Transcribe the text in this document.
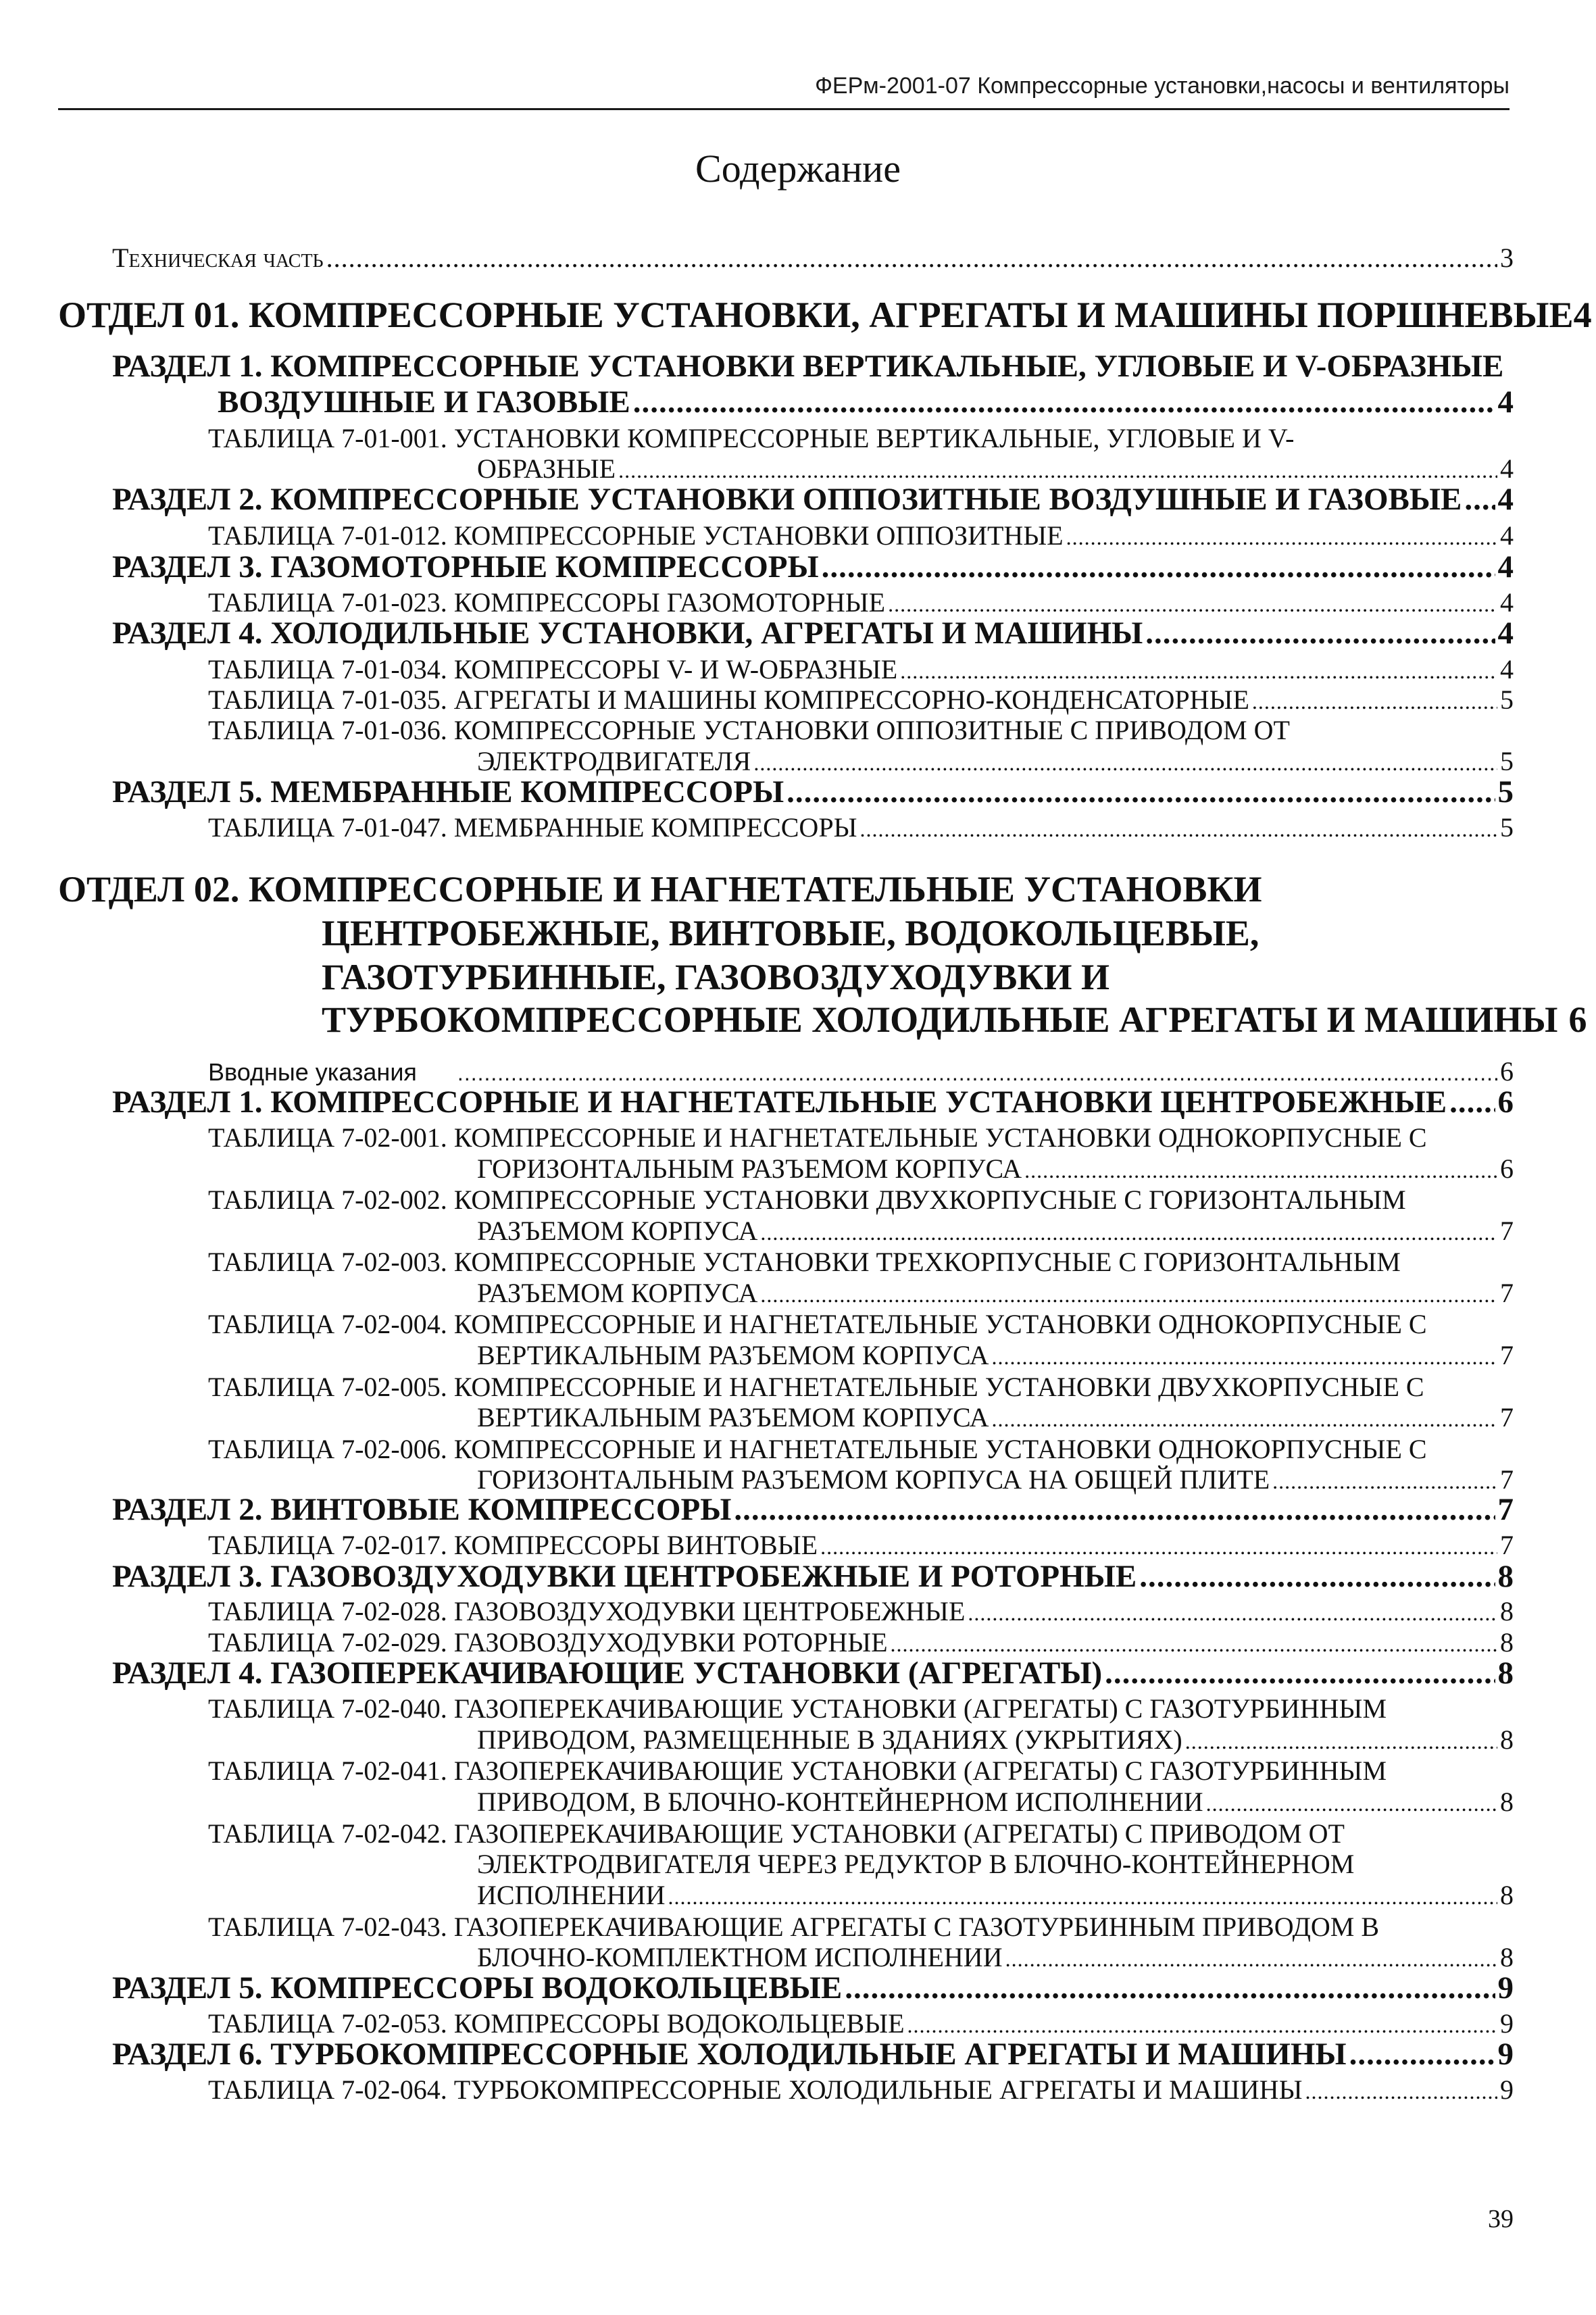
ФЕРм-2001-07 Компрессорные установки,насосы и вентиляторы
Содержание
Техническая часть .....	3
ОТДЕЛ 01. КОМПРЕССОРНЫЕ УСТАНОВКИ, АГРЕГАТЫ И МАШИНЫ ПОРШНЕВЫЕ 4
РАЗДЕЛ 1. КОМПРЕССОРНЫЕ УСТАНОВКИ ВЕРТИКАЛЬНЫЕ, УГЛОВЫЕ И V-ОБРАЗНЫЕ
ВОЗДУШНЫЕ И ГАЗОВЫЕ .....	4
ТАБЛИЦА 7-01-001. УСТАНОВКИ КОМПРЕССОРНЫЕ ВЕРТИКАЛЬНЫЕ, УГЛОВЫЕ И V-
ОБРАЗНЫЕ .....	4
РАЗДЕЛ 2. КОМПРЕССОРНЫЕ УСТАНОВКИ ОППОЗИТНЫЕ ВОЗДУШНЫЕ И ГАЗОВЫЕ ..... 4
ТАБЛИЦА 7-01-012. КОМПРЕССОРНЫЕ УСТАНОВКИ ОППОЗИТНЫЕ .....	4
РАЗДЕЛ 3. ГАЗОМОТОРНЫЕ КОМПРЕССОРЫ .....	4
ТАБЛИЦА 7-01-023. КОМПРЕССОРЫ ГАЗОМОТОРНЫЕ .....	4
РАЗДЕЛ 4. ХОЛОДИЛЬНЫЕ УСТАНОВКИ, АГРЕГАТЫ И МАШИНЫ .....	4
ТАБЛИЦА 7-01-034. КОМПРЕССОРЫ V- И W-ОБРАЗНЫЕ .....	4
ТАБЛИЦА 7-01-035. АГРЕГАТЫ И МАШИНЫ КОМПРЕССОРНО-КОНДЕНСАТОРНЫЕ .....	5
ТАБЛИЦА 7-01-036. КОМПРЕССОРНЫЕ УСТАНОВКИ ОППОЗИТНЫЕ С ПРИВОДОМ ОТ
ЭЛЕКТРОДВИГАТЕЛЯ .....	5
РАЗДЕЛ 5. МЕМБРАННЫЕ КОМПРЕССОРЫ .....	5
ТАБЛИЦА 7-01-047. МЕМБРАННЫЕ КОМПРЕССОРЫ .....	5
ОТДЕЛ 02. КОМПРЕССОРНЫЕ И НАГНЕТАТЕЛЬНЫЕ УСТАНОВКИ
ЦЕНТРОБЕЖНЫЕ, ВИНТОВЫЕ, ВОДОКОЛЬЦЕВЫЕ,
ГАЗОТУРБИННЫЕ, ГАЗОВОЗДУХОДУВКИ И
ТУРБОКОМПРЕССОРНЫЕ ХОЛОДИЛЬНЫЕ АГРЕГАТЫ И МАШИНЫ 6
Вводные указания .....	6
РАЗДЕЛ 1. КОМПРЕССОРНЫЕ И НАГНЕТАТЕЛЬНЫЕ УСТАНОВКИ ЦЕНТРОБЕЖНЫЕ ..... 6
ТАБЛИЦА 7-02-001. КОМПРЕССОРНЫЕ И НАГНЕТАТЕЛЬНЫЕ УСТАНОВКИ ОДНОКОРПУСНЫЕ С
ГОРИЗОНТАЛЬНЫМ РАЗЪЕМОМ КОРПУСА .....	6
ТАБЛИЦА 7-02-002. КОМПРЕССОРНЫЕ УСТАНОВКИ ДВУХКОРПУСНЫЕ С ГОРИЗОНТАЛЬНЫМ
РАЗЪЕМОМ КОРПУСА .....	7
ТАБЛИЦА 7-02-003. КОМПРЕССОРНЫЕ УСТАНОВКИ ТРЕХКОРПУСНЫЕ С ГОРИЗОНТАЛЬНЫМ
РАЗЪЕМОМ КОРПУСА .....	7
ТАБЛИЦА 7-02-004. КОМПРЕССОРНЫЕ И НАГНЕТАТЕЛЬНЫЕ УСТАНОВКИ ОДНОКОРПУСНЫЕ С
ВЕРТИКАЛЬНЫМ РАЗЪЕМОМ КОРПУСА .....	7
ТАБЛИЦА 7-02-005. КОМПРЕССОРНЫЕ И НАГНЕТАТЕЛЬНЫЕ УСТАНОВКИ ДВУХКОРПУСНЫЕ С
ВЕРТИКАЛЬНЫМ РАЗЪЕМОМ КОРПУСА .....	7
ТАБЛИЦА 7-02-006. КОМПРЕССОРНЫЕ И НАГНЕТАТЕЛЬНЫЕ УСТАНОВКИ ОДНОКОРПУСНЫЕ С
ГОРИЗОНТАЛЬНЫМ РАЗЪЕМОМ КОРПУСА НА ОБЩЕЙ ПЛИТЕ .....	7
РАЗДЕЛ 2. ВИНТОВЫЕ КОМПРЕССОРЫ .....	7
ТАБЛИЦА 7-02-017. КОМПРЕССОРЫ ВИНТОВЫЕ .....	7
РАЗДЕЛ 3. ГАЗОВОЗДУХОДУВКИ ЦЕНТРОБЕЖНЫЕ И РОТОРНЫЕ .....	8
ТАБЛИЦА 7-02-028. ГАЗОВОЗДУХОДУВКИ ЦЕНТРОБЕЖНЫЕ .....	8
ТАБЛИЦА 7-02-029. ГАЗОВОЗДУХОДУВКИ РОТОРНЫЕ .....	8
РАЗДЕЛ 4. ГАЗОПЕРЕКАЧИВАЮЩИЕ УСТАНОВКИ (АГРЕГАТЫ) .....	8
ТАБЛИЦА 7-02-040. ГАЗОПЕРЕКАЧИВАЮЩИЕ УСТАНОВКИ (АГРЕГАТЫ) С ГАЗОТУРБИННЫМ
ПРИВОДОМ, РАЗМЕЩЕННЫЕ В ЗДАНИЯХ (УКРЫТИЯХ) .....	8
ТАБЛИЦА 7-02-041. ГАЗОПЕРЕКАЧИВАЮЩИЕ УСТАНОВКИ (АГРЕГАТЫ) С ГАЗОТУРБИННЫМ
ПРИВОДОМ, В БЛОЧНО-КОНТЕЙНЕРНОМ ИСПОЛНЕНИИ .....	8
ТАБЛИЦА 7-02-042. ГАЗОПЕРЕКАЧИВАЮЩИЕ УСТАНОВКИ (АГРЕГАТЫ) С ПРИВОДОМ ОТ
ЭЛЕКТРОДВИГАТЕЛЯ ЧЕРЕЗ РЕДУКТОР В БЛОЧНО-КОНТЕЙНЕРНОМ
ИСПОЛНЕНИИ .....	8
ТАБЛИЦА 7-02-043. ГАЗОПЕРЕКАЧИВАЮЩИЕ АГРЕГАТЫ С ГАЗОТУРБИННЫМ ПРИВОДОМ В
БЛОЧНО-КОМПЛЕКТНОМ ИСПОЛНЕНИИ .....	8
РАЗДЕЛ 5. КОМПРЕССОРЫ ВОДОКОЛЬЦЕВЫЕ .....	9
ТАБЛИЦА 7-02-053. КОМПРЕССОРЫ ВОДОКОЛЬЦЕВЫЕ .....	9
РАЗДЕЛ 6. ТУРБОКОМПРЕССОРНЫЕ ХОЛОДИЛЬНЫЕ АГРЕГАТЫ И МАШИНЫ .....	9
ТАБЛИЦА 7-02-064. ТУРБОКОМПРЕССОРНЫЕ ХОЛОДИЛЬНЫЕ АГРЕГАТЫ И МАШИНЫ .....	9
39
